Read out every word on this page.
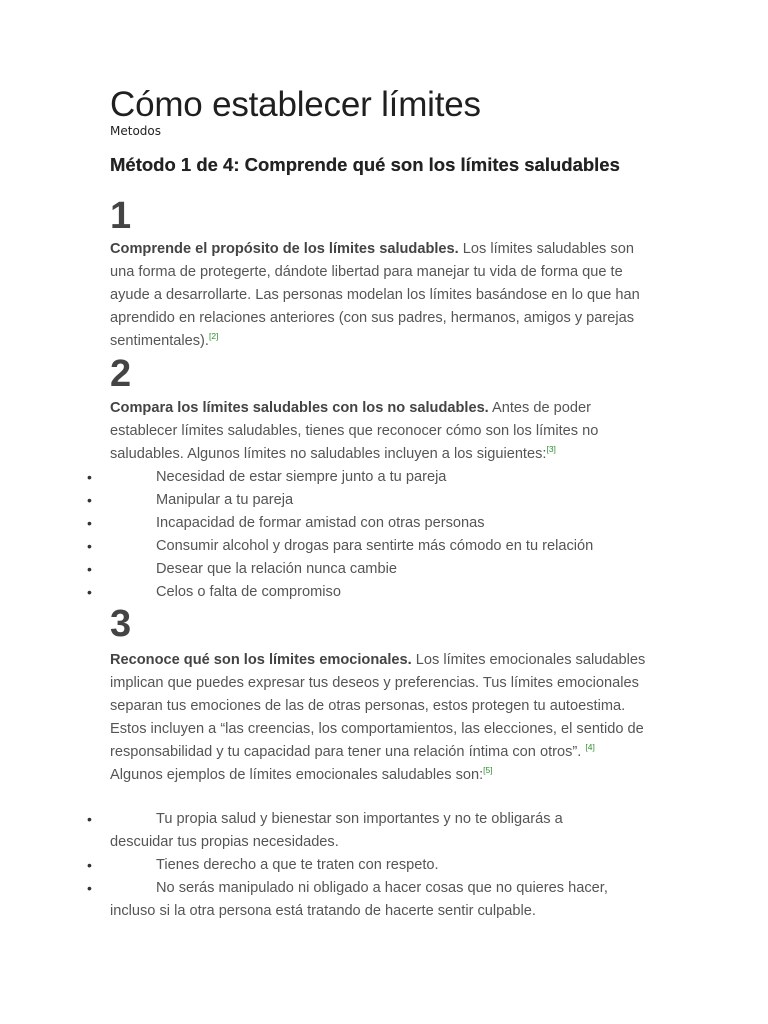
Cómo establecer límites
Metodos
Método 1 de 4: Comprende qué son los límites saludables
1

Comprende el propósito de los límites saludables. Los límites saludables son una forma de protegerte, dándote libertad para manejar tu vida de forma que te ayude a desarrollarte. Las personas modelan los límites basándose en lo que han aprendido en relaciones anteriores (con sus padres, hermanos, amigos y parejas sentimentales).[2]

2

Compara los límites saludables con los no saludables. Antes de poder establecer límites saludables, tienes que reconocer cómo son los límites no saludables. Algunos límites no saludables incluyen a los siguientes:[3]

•	Necesidad de estar siempre junto a tu pareja
•	Manipular a tu pareja
•	Incapacidad de formar amistad con otras personas
•	Consumir alcohol y drogas para sentirte más cómodo en tu relación
•	Desear que la relación nunca cambie
•	Celos o falta de compromiso
3

Reconoce qué son los límites emocionales. Los límites emocionales saludables implican que puedes expresar tus deseos y preferencias. Tus límites emocionales separan tus emociones de las de otras personas, estos protegen tu autoestima. Estos incluyen a “las creencias, los comportamientos, las elecciones, el sentido de responsabilidad y tu capacidad para tener una relación íntima con otros”. [4] Algunos ejemplos de límites emocionales saludables son:[5]

•	Tu propia salud y bienestar son importantes y no te obligarás a descuidar tus propias necesidades.
•	Tienes derecho a que te traten con respeto.
•	No serás manipulado ni obligado a hacer cosas que no quieres hacer, incluso si la otra persona está tratando de hacerte sentir culpable.
